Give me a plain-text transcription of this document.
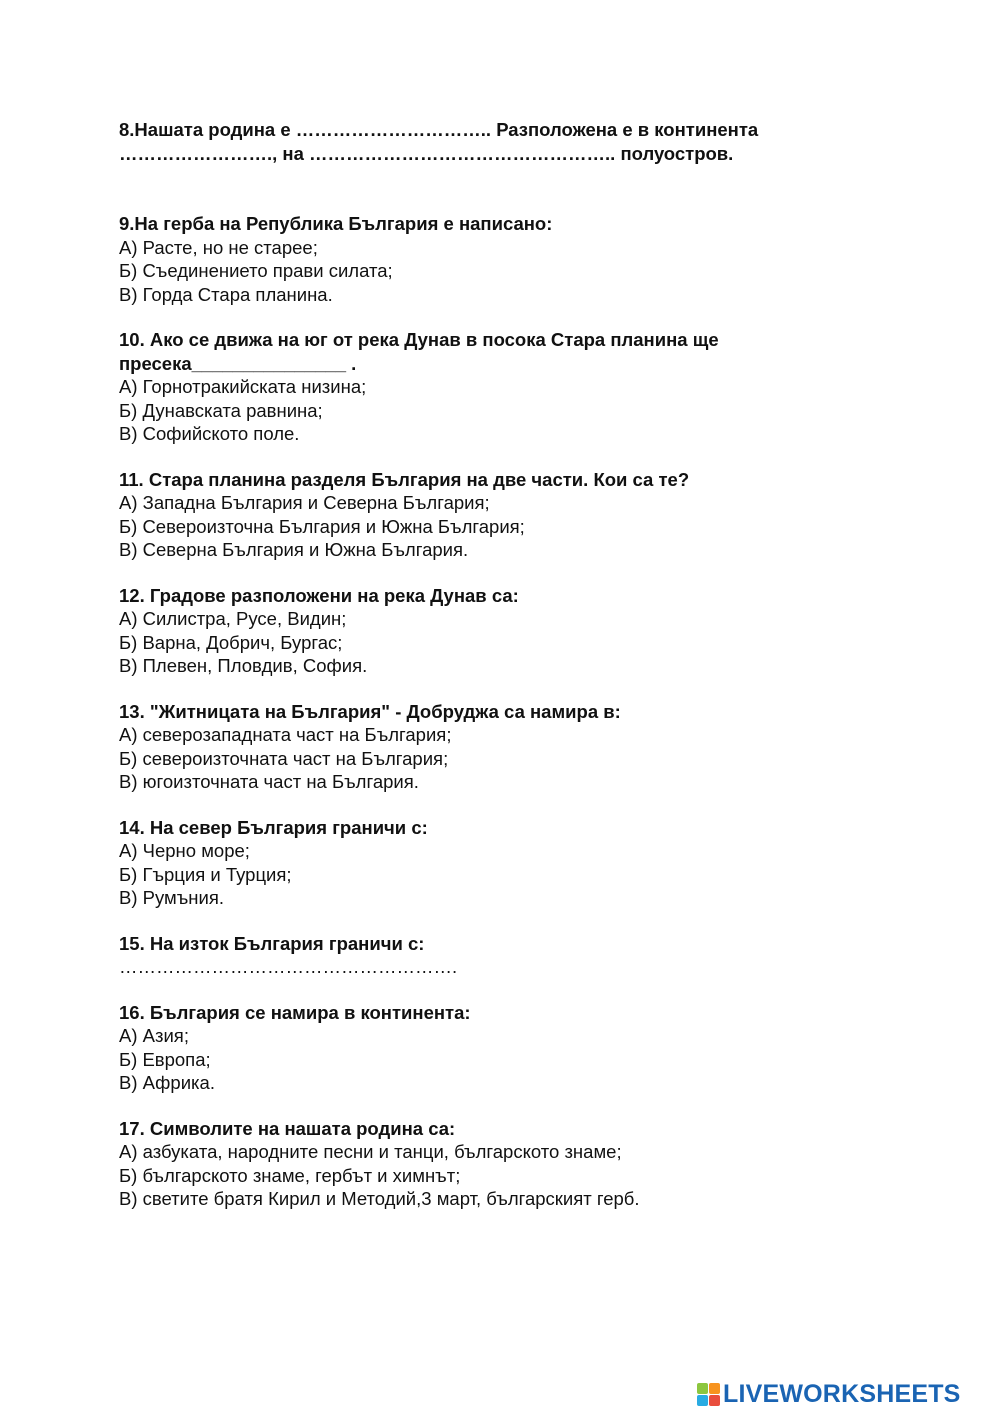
8.Нашата родина е ………………………….. Разположена е в континента

……………………., на ………………………………………….. полуостров.

9.На герба на Република България е написано:

А) Расте, но не старее;

Б) Съединението прави силата;

В) Горда Стара планина.

10. Ако се движа на юг от река Дунав в посока Стара планина ще

пресека_______________ .

А) Горнотракийската низина;

Б) Дунавската равнина;

В) Софийското поле.

11. Стара планина разделя България на две части. Кои са те?

А) Западна България и Северна България;

Б) Североизточна България и Южна България;

В) Северна България и Южна България.

12. Градове разположени на река Дунав са:

А) Силистра, Русе, Видин;

Б) Варна, Добрич, Бургас;

В) Плевен, Пловдив, София.

13. "Житницата на България" - Добруджа са намира в:

А) северозападната част на България;

Б) североизточната част на България;

В) югоизточната част на България.

14. На север България граничи с:

А) Черно море;

Б) Гърция и Турция;

В) Румъния.

15. На изток България граничи с:

……………………………………………….

16. България се намира в континента:

А) Азия;

Б) Европа;

В) Африка.

17. Символите на нашата родина са:

А) азбуката, народните песни и танци, българското знаме;

Б) българското знаме, гербът и химнът;

В) светите братя Кирил и Методий,3 март, българският герб.

LIVEWORKSHEETS
